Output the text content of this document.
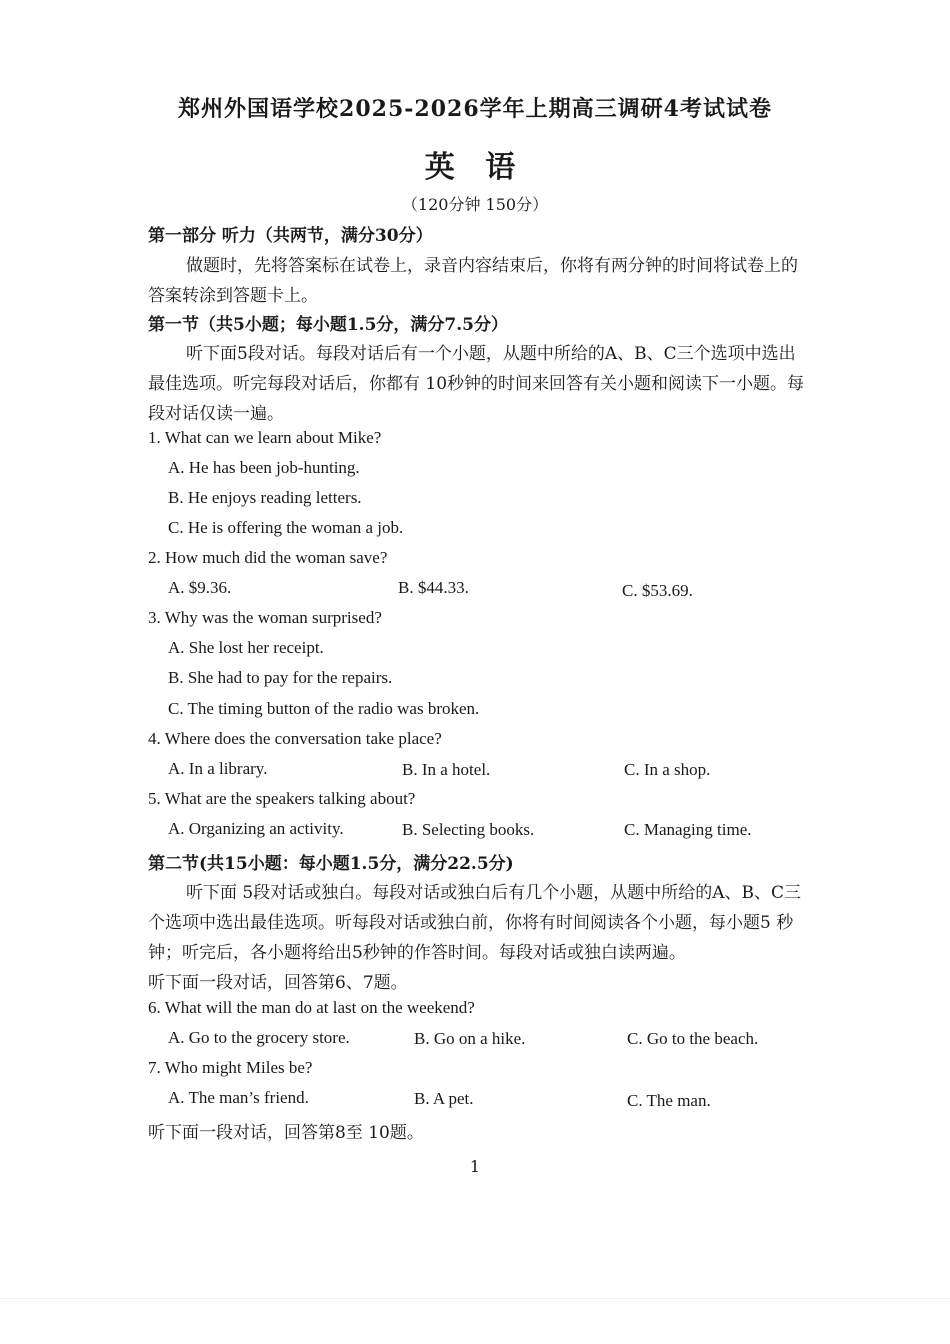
郑州外国语学校2025-2026学年上期高三调研4考试试卷
英 语
（120分钟 150分）
第一部分 听力（共两节，满分30分）
做题时，先将答案标在试卷上，录音内容结束后，你将有两分钟的时间将试卷上的
答案转涂到答题卡上。
第一节（共5小题；每小题1.5分，满分7.5分）
听下面5段对话。每段对话后有一个小题，从题中所给的A、B、C三个选项中选出
最佳选项。听完每段对话后，你都有 10秒钟的时间来回答有关小题和阅读下一小题。每
段对话仅读一遍。
1. What can we learn about Mike?
A. He has been job-hunting.
B. He enjoys reading letters.
C. He is offering the woman a job.
2. How much did the woman save?
A. $9.36.	B. $44.33.	C. $53.69.
3. Why was the woman surprised?
A. She lost her receipt.
B. She had to pay for the repairs.
C. The timing button of the radio was broken.
4. Where does the conversation take place?
A. In a library.	B. In a hotel.	C. In a shop.
5. What are the speakers talking about?
A. Organizing an activity.	B. Selecting books.	C. Managing time.
第二节(共15小题：每小题1.5分，满分22.5分)
听下面 5段对话或独白。每段对话或独白后有几个小题，从题中所给的A、B、C三
个选项中选出最佳选项。听每段对话或独白前，你将有时间阅读各个小题，每小题5 秒
钟；听完后，各小题将给出5秒钟的作答时间。每段对话或独白读两遍。
听下面一段对话，回答第6、7题。
6. What will the man do at last on the weekend?
A. Go to the grocery store.	B. Go on a hike.	C. Go to the beach.
7. Who might Miles be?
A. The man’s friend.	B. A pet.	C. The man.
听下面一段对话，回答第8至 10题。
1
